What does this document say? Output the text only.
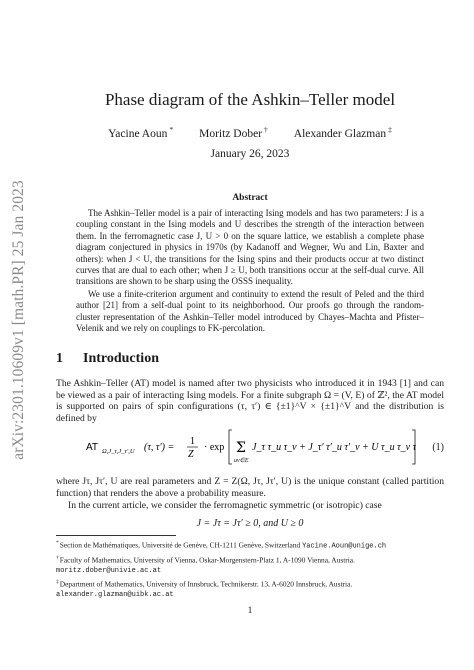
arXiv:2301.10609v1 [math.PR] 25 Jan 2023
Phase diagram of the Ashkin–Teller model
Yacine Aoun * Moritz Dober † Alexander Glazman ‡
January 26, 2023
Abstract

The Ashkin–Teller model is a pair of interacting Ising models and has two parameters: J is a coupling constant in the Ising models and U describes the strength of the interaction between them. In the ferromagnetic case J, U > 0 on the square lattice, we establish a complete phase diagram conjectured in physics in 1970s (by Kadanoff and Wegner, Wu and Lin, Baxter and others): when J < U, the transitions for the Ising spins and their products occur at two distinct curves that are dual to each other; when J ≥ U, both transitions occur at the self-dual curve. All transitions are shown to be sharp using the OSSS inequality.

We use a finite-criterion argument and continuity to extend the result of Peled and the third author [21] from a self-dual point to its neighborhood. Our proofs go through the random-cluster representation of the Ashkin–Teller model introduced by Chayes–Machta and Pfister–Velenik and we rely on couplings to FK-percolation.

1 Introduction
The Ashkin–Teller (AT) model is named after two physicists who introduced it in 1943 [1] and can be viewed as a pair of interacting Ising models. For a finite subgraph Ω = (V, E) of ℤ², the AT model is supported on pairs of spin configurations (τ, τ′) ∈ {±1}^V × {±1}^V and the distribution is defined by
AT Ω,J_τ,J_τ′,U (τ, τ′) =
1
Z
· exp Σ
uv∈E
J_τ τ_u τ_v + J_τ′ τ′_u τ′_v + U τ_u τ_v τ	(1)
where Jτ, Jτ′, U are real parameters and Z = Z(Ω, Jτ, Jτ′, U) is the unique constant (called partition function) that renders the above a probability measure.
In the current article, we consider the ferromagnetic symmetric (or isotropic) case
J = Jτ = Jτ′ ≥ 0, and U ≥ 0
*Section de Mathématiques, Université de Genève, CH-1211 Genève, Switzerland Yacine.Aoun@unige.ch
†Faculty of Mathematics, University of Vienna, Oskar-Morgenstern-Platz 1, A-1090 Vienna, Austria.
moritz.dober@univie.ac.at
‡Department of Mathematics, University of Innsbruck, Technikerstr. 13, A-6020 Innsbruck, Austria.
alexander.glazman@uibk.ac.at
1
